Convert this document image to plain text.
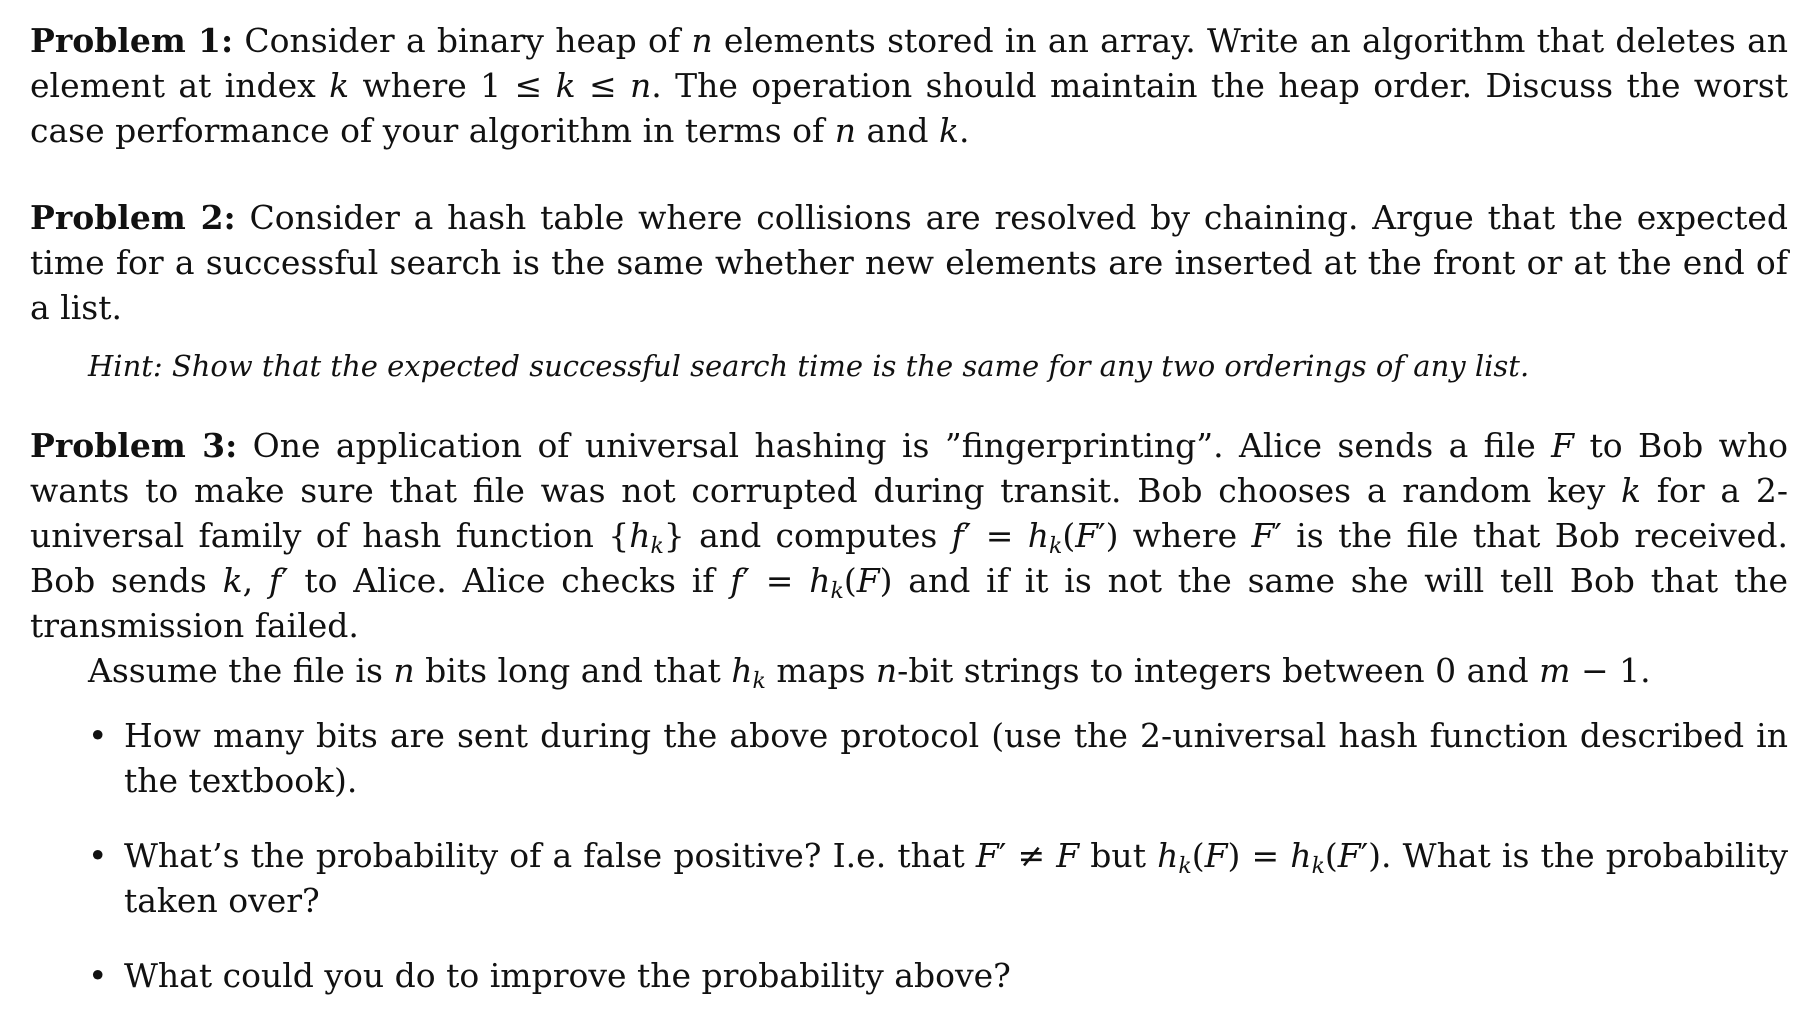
Problem 1: Consider a binary heap of n elements stored in an array. Write an algorithm that deletes an element at index k where 1 ≤ k ≤ n. The operation should maintain the heap order. Discuss the worst case performance of your algorithm in terms of n and k.

Problem 2: Consider a hash table where collisions are resolved by chaining. Argue that the expected time for a successful search is the same whether new elements are inserted at the front or at the end of a list.

Hint: Show that the expected successful search time is the same for any two orderings of any list.

Problem 3: One application of universal hashing is ”fingerprinting”. Alice sends a file F to Bob who wants to make sure that file was not corrupted during transit. Bob chooses a random key k for a 2-universal family of hash function $\{h_k\}$ and computes $f' = h_k(F')$ where F′ is the file that Bob received. Bob sends k, f′ to Alice. Alice checks if $f' = h_k(F)$ and if it is not the same she will tell Bob that the transmission failed.
Assume the file is n bits long and that $h_k$ maps n-bit strings to integers between 0 and m − 1.

• How many bits are sent during the above protocol (use the 2-universal hash function described in the textbook).
• What’s the probability of a false positive? I.e. that F′ ≠ F but $h_k(F) = h_k(F')$. What is the probability taken over?
• What could you do to improve the probability above?
